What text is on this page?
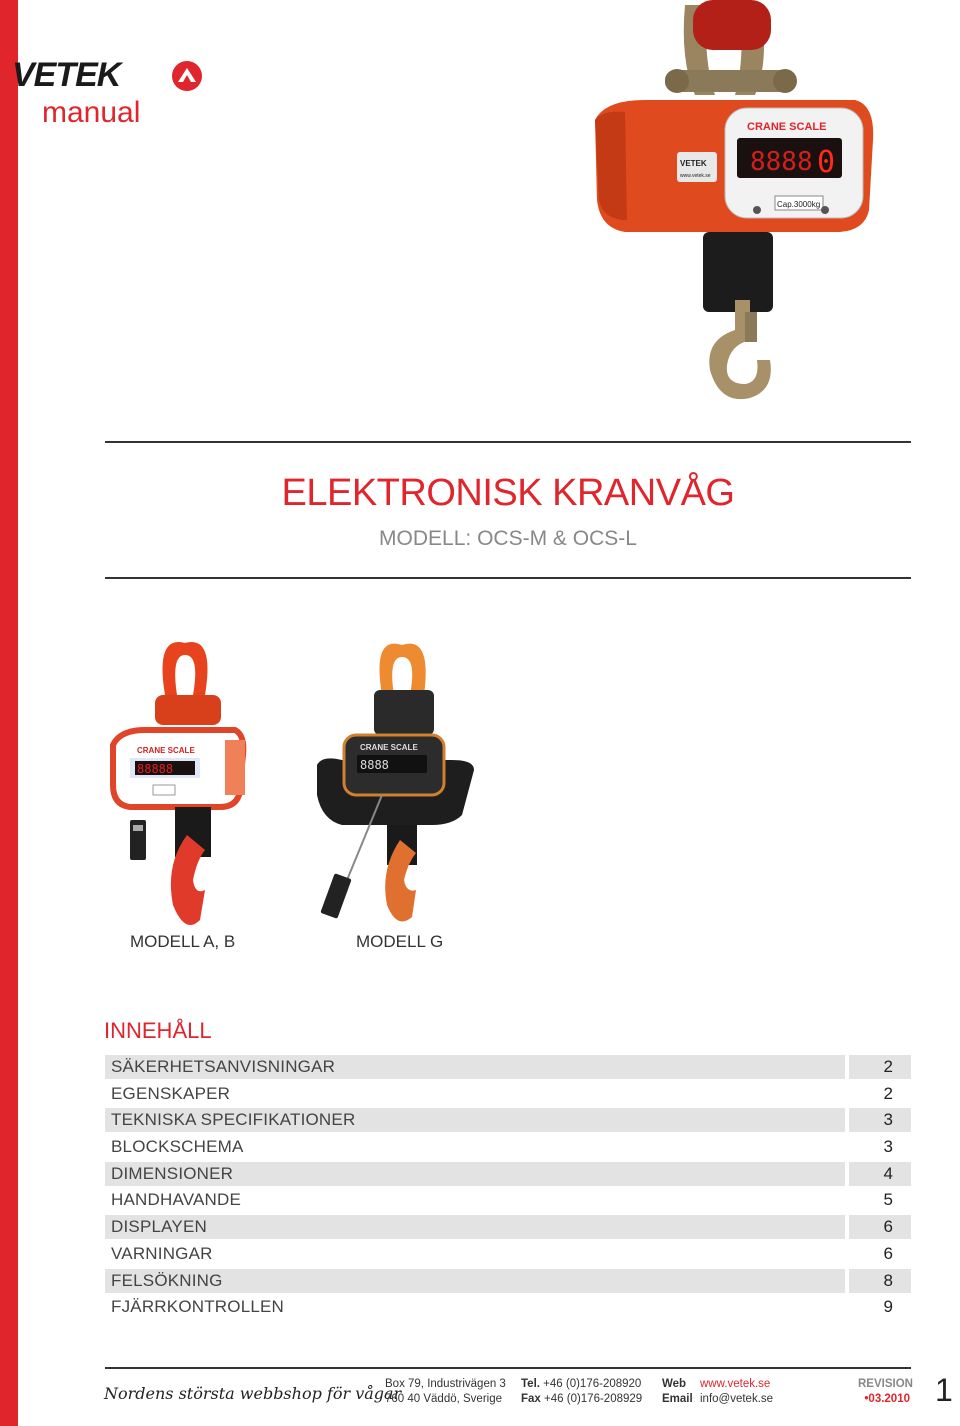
VETEK
manual	CRANE SCALE
8888 0
Cap.3000kg
VETEK
www.vetek.se
ELEKTRONISK KRANVÅG
MODELL: OCS-M & OCS-L
CRANE SCALE
88888
MODELL A, B
CRANE SCALE
8888
MODELL G
INNEHÅLL
SÄKERHETSANVISNINGAR	2
EGENSKAPER	2
TEKNISKA SPECIFIKATIONER	3
BLOCKSCHEMA	3
DIMENSIONER	4
HANDHAVANDE	5
DISPLAYEN	6
VARNINGAR	6
FELSÖKNING	8
FJÄRRKONTROLLEN	9
Nordens största webbshop för vågar
Box 79, Industrivägen 3
760 40 Väddö, Sverige
Tel. +46 (0)176-208920
Fax +46 (0)176-208929
Web
Email
www.vetek.se
info@vetek.se
REVISION
•03.2010 1
